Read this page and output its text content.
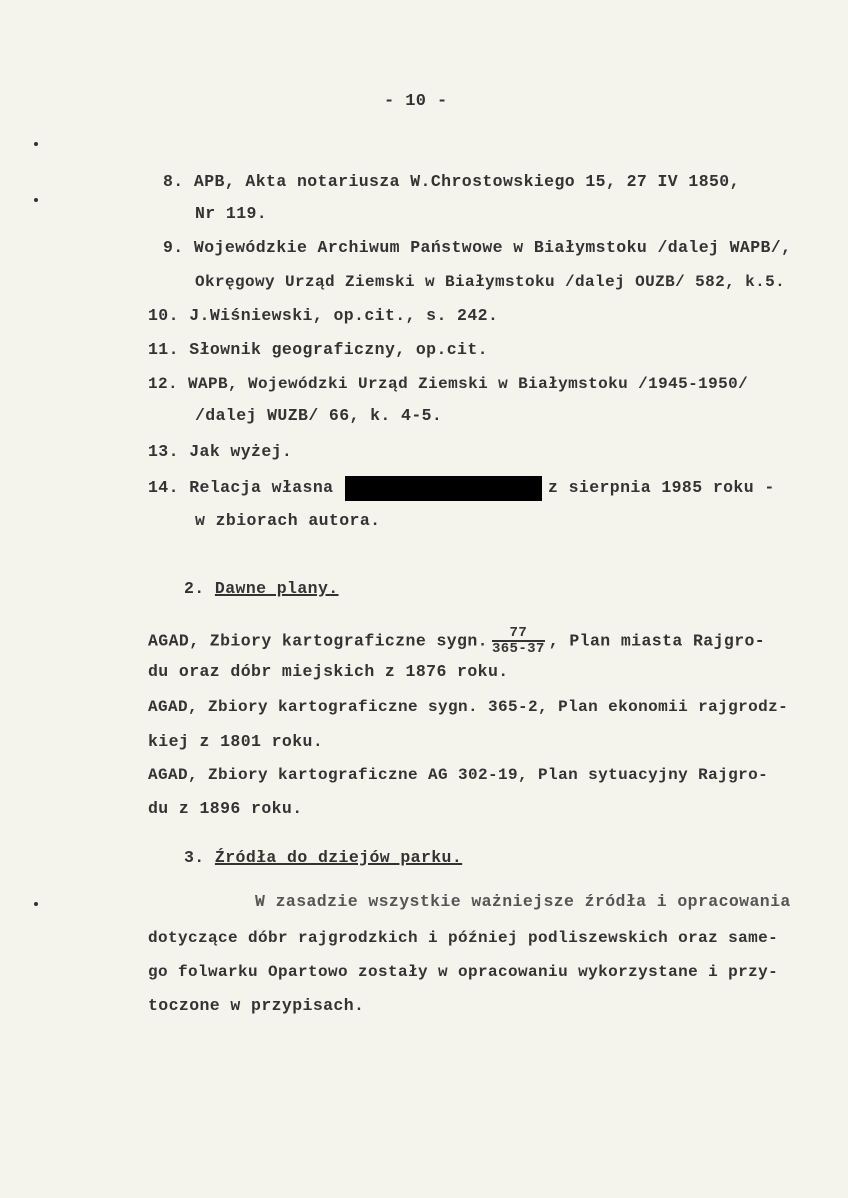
- 10 -
8. APB, Akta notariusza W.Chrostowskiego 15, 27 IV 1850,
Nr 119.
9. Wojewódzkie Archiwum Państwowe w Białymstoku /dalej WAPB/,
Okręgowy Urząd Ziemski w Białymstoku /dalej OUZB/ 582, k.5.
10. J.Wiśniewski, op.cit., s. 242.
11. Słownik geograficzny, op.cit.
12. WAPB, Wojewódzki Urząd Ziemski w Białymstoku /1945-1950/
/dalej WUZB/ 66, k. 4-5.
13. Jak wyżej.
14. Relacja własna	z sierpnia 1985 roku -
w zbiorach autora.
2. Dawne plany.
AGAD, Zbiory kartograficzne sygn. $\frac{77}{365-37}$ , Plan miasta Rajgro-
du oraz dóbr miejskich z 1876 roku.
AGAD, Zbiory kartograficzne sygn. 365-2, Plan ekonomii rajgrodz-
kiej z 1801 roku.
AGAD, Zbiory kartograficzne AG 302-19, Plan sytuacyjny Rajgro-
du z 1896 roku.
3. Źródła do dziejów parku.
W zasadzie wszystkie ważniejsze źródła i opracowania
dotyczące dóbr rajgrodzkich i później podliszewskich oraz same-
go folwarku Opartowo zostały w opracowaniu wykorzystane i przy-
toczone w przypisach.
